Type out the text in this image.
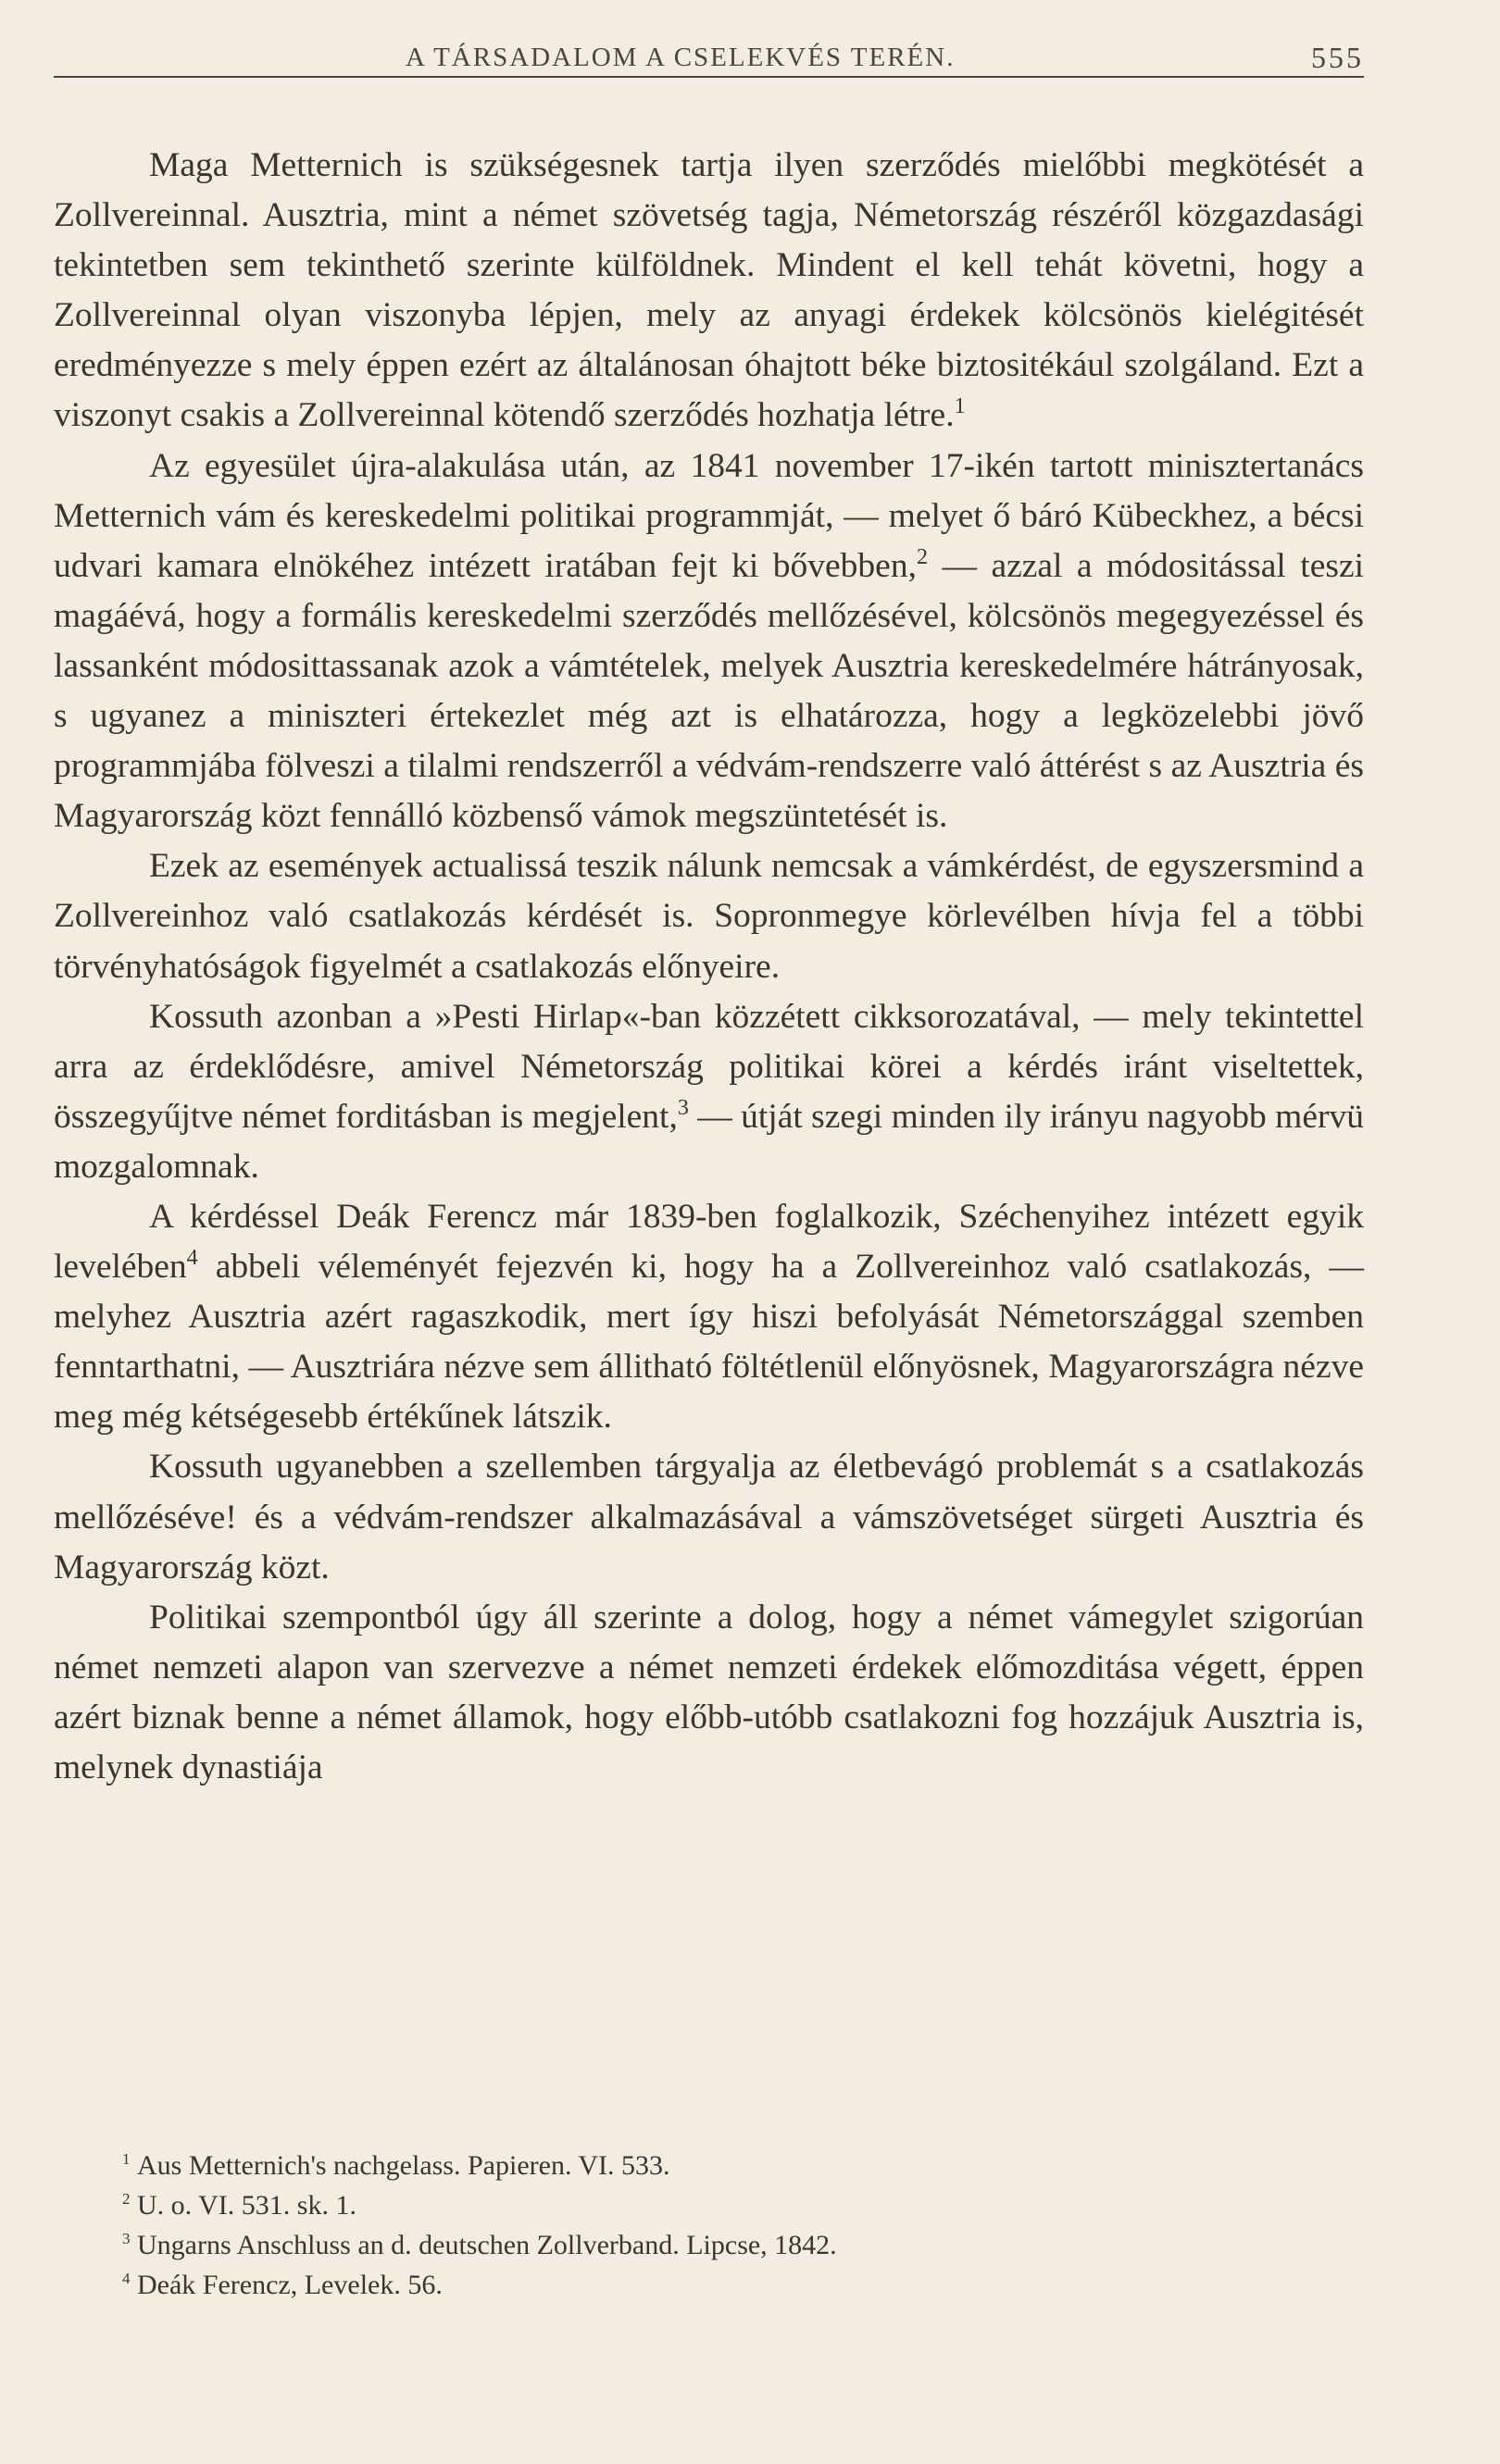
A TÁRSADALOM A CSELEKVÉS TERÉN.	555

Maga Metternich is szükségesnek tartja ilyen szerződés mielőbbi megkötését a Zollvereinnal. Ausztria, mint a német szövetség tagja, Németország részéről közgazdasági tekintetben sem tekinthető szerinte külföldnek. Mindent el kell tehát követni, hogy a Zollvereinnal olyan viszonyba lépjen, mely az anyagi érdekek kölcsönös kielégitését eredményezze s mely éppen ezért az általánosan óhajtott béke biztositékául szolgáland. Ezt a viszonyt csakis a Zollvereinnal kötendő szerződés hozhatja létre.$^1$

Az egyesület újra-alakulása után, az 1841 november 17-ikén tartott minisztertanács Metternich vám és kereskedelmi politikai programmját, — melyet ő báró Kübeckhez, a bécsi udvari kamara elnökéhez intézett iratában fejt ki bővebben,$^2$ — azzal a módositással teszi magáévá, hogy a formális kereskedelmi szerződés mellőzésével, kölcsönös megegyezéssel és lassanként módosittassanak azok a vámtételek, melyek Ausztria kereskedelmére hátrányosak, s ugyanez a miniszteri értekezlet még azt is elhatározza, hogy a legközelebbi jövő programmjába fölveszi a tilalmi rendszerről a védvám-rendszerre való áttérést s az Ausztria és Magyarország közt fennálló közbenső vámok megszüntetését is.

Ezek az események actualissá teszik nálunk nemcsak a vámkérdést, de egyszersmind a Zollvereinhoz való csatlakozás kérdését is. Sopronmegye körlevélben hívja fel a többi törvényhatóságok figyelmét a csatlakozás előnyeire.

Kossuth azonban a »Pesti Hirlap«-ban közzétett cikksorozatával, — mely tekintettel arra az érdeklődésre, amivel Németország politikai körei a kérdés iránt viseltettek, összegyűjtve német forditásban is megjelent,$^3$ — útját szegi minden ily irányu nagyobb mérvü mozgalomnak.

A kérdéssel Deák Ferencz már 1839-ben foglalkozik, Széchenyihez intézett egyik levelében$^4$ abbeli véleményét fejezvén ki, hogy ha a Zollvereinhoz való csatlakozás, — melyhez Ausztria azért ragaszkodik, mert így hiszi befolyását Németországgal szemben fenntarthatni, — Ausztriára nézve sem állitható föltétlenül előnyösnek, Magyarországra nézve meg még kétségesebb értékűnek látszik.

Kossuth ugyanebben a szellemben tárgyalja az életbevágó problemát s a csatlakozás mellőzéséve! és a védvám-rendszer alkalmazásával a vámszövetséget sürgeti Ausztria és Magyarország közt.

Politikai szempontból úgy áll szerinte a dolog, hogy a német vámegylet szigorúan német nemzeti alapon van szervezve a német nemzeti érdekek előmozditása végett, éppen azért biznak benne a német államok, hogy előbb-utóbb csatlakozni fog hozzájuk Ausztria is, melynek dynastiája

1 Aus Metternich's nachgelass. Papieren. VI. 533.
2 U. o. VI. 531. sk. 1.
3 Ungarns Anschluss an d. deutschen Zollverband. Lipcse, 1842.
4 Deák Ferencz, Levelek. 56.
